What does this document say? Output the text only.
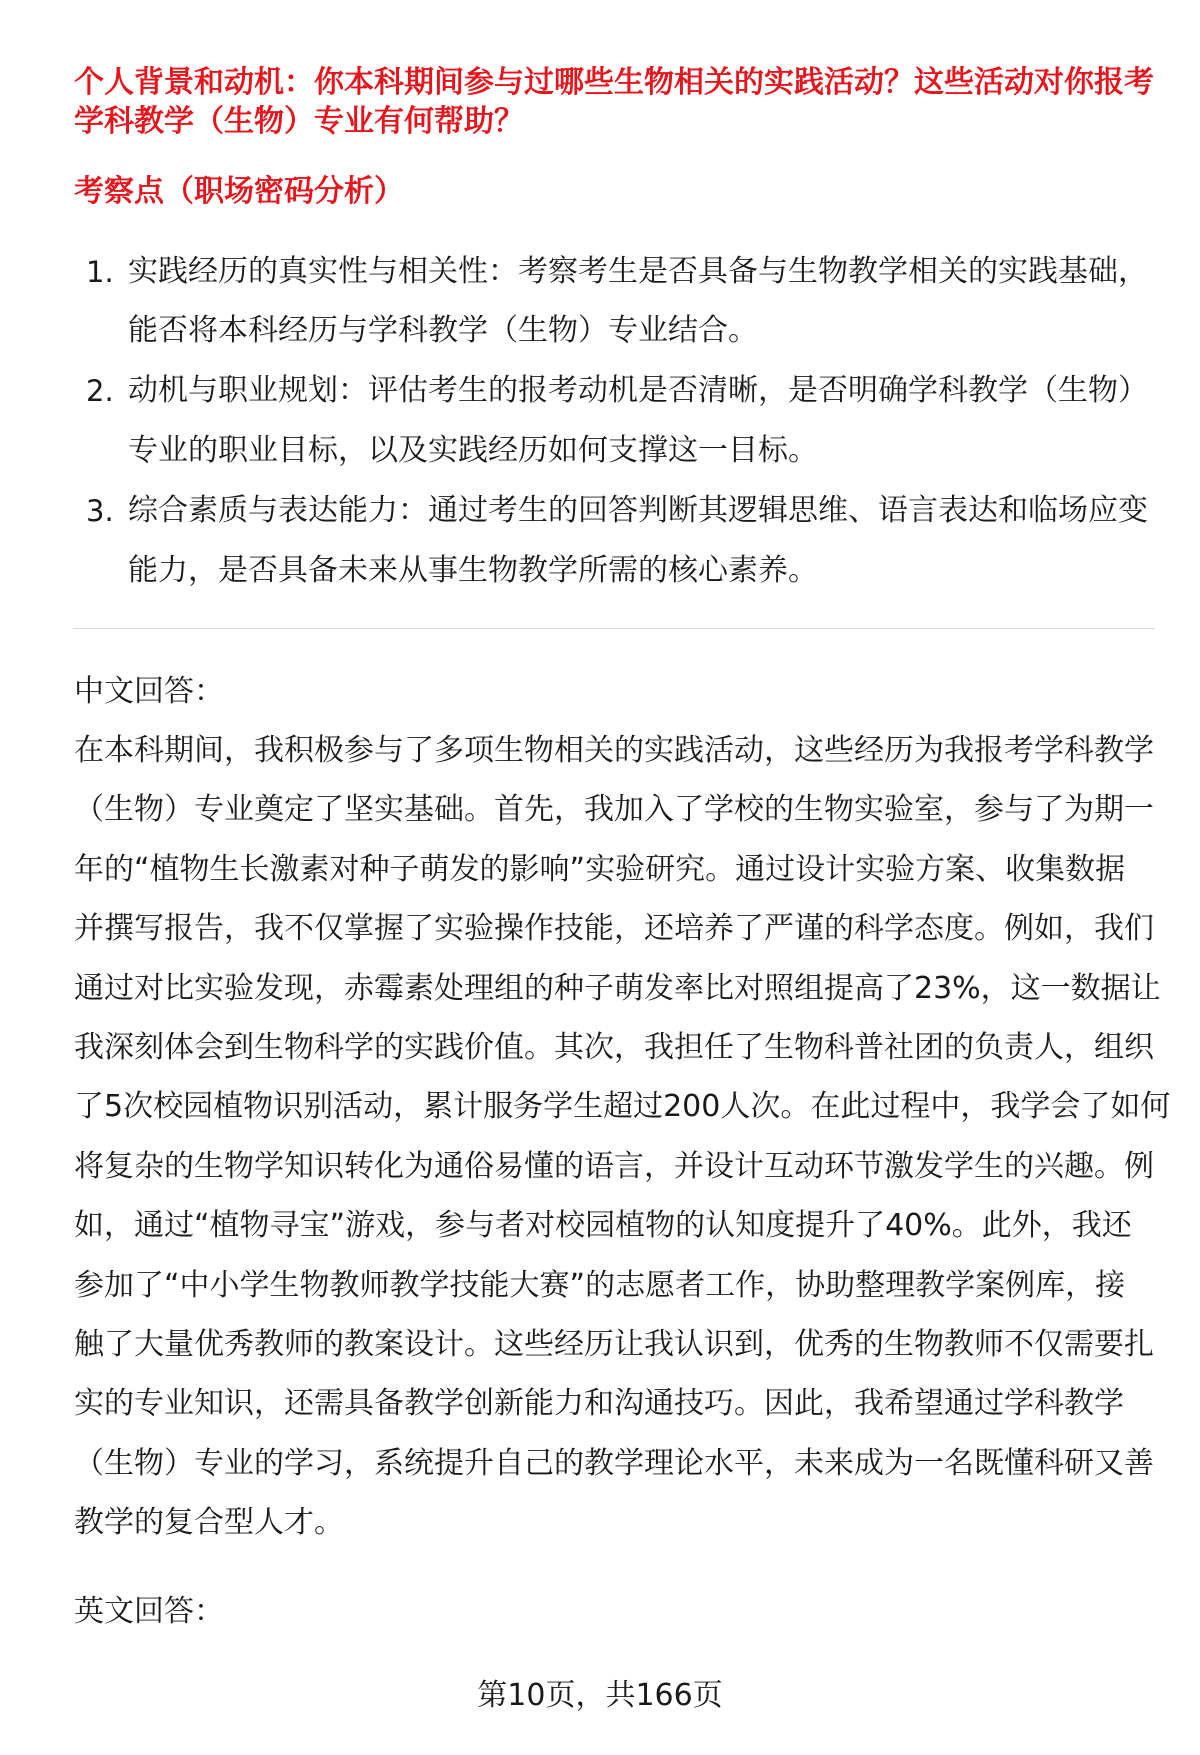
个人背景和动机：你本科期间参与过哪些生物相关的实践活动？这些活动对你报考
学科教学（生物）专业有何帮助？
考察点（职场密码分析）
1. 实践经历的真实性与相关性：考察考生是否具备与生物教学相关的实践基础，
能否将本科经历与学科教学（生物）专业结合。
2. 动机与职业规划：评估考生的报考动机是否清晰，是否明确学科教学（生物）
专业的职业目标，以及实践经历如何支撑这一目标。
3. 综合素质与表达能力：通过考生的回答判断其逻辑思维、语言表达和临场应变
能力，是否具备未来从事生物教学所需的核心素养。
中文回答：
在本科期间，我积极参与了多项生物相关的实践活动，这些经历为我报考学科教学
（生物）专业奠定了坚实基础。首先，我加入了学校的生物实验室，参与了为期一
年的“植物生长激素对种子萌发的影响”实验研究。通过设计实验方案、收集数据
并撰写报告，我不仅掌握了实验操作技能，还培养了严谨的科学态度。例如，我们
通过对比实验发现，赤霉素处理组的种子萌发率比对照组提高了23%，这一数据让
我深刻体会到生物科学的实践价值。其次，我担任了生物科普社团的负责人，组织
了5次校园植物识别活动，累计服务学生超过200人次。在此过程中，我学会了如何
将复杂的生物学知识转化为通俗易懂的语言，并设计互动环节激发学生的兴趣。例
如，通过“植物寻宝”游戏，参与者对校园植物的认知度提升了40%。此外，我还
参加了“中小学生物教师教学技能大赛”的志愿者工作，协助整理教学案例库，接
触了大量优秀教师的教案设计。这些经历让我认识到，优秀的生物教师不仅需要扎
实的专业知识，还需具备教学创新能力和沟通技巧。因此，我希望通过学科教学
（生物）专业的学习，系统提升自己的教学理论水平，未来成为一名既懂科研又善
教学的复合型人才。
英文回答：
第10页，共166页
